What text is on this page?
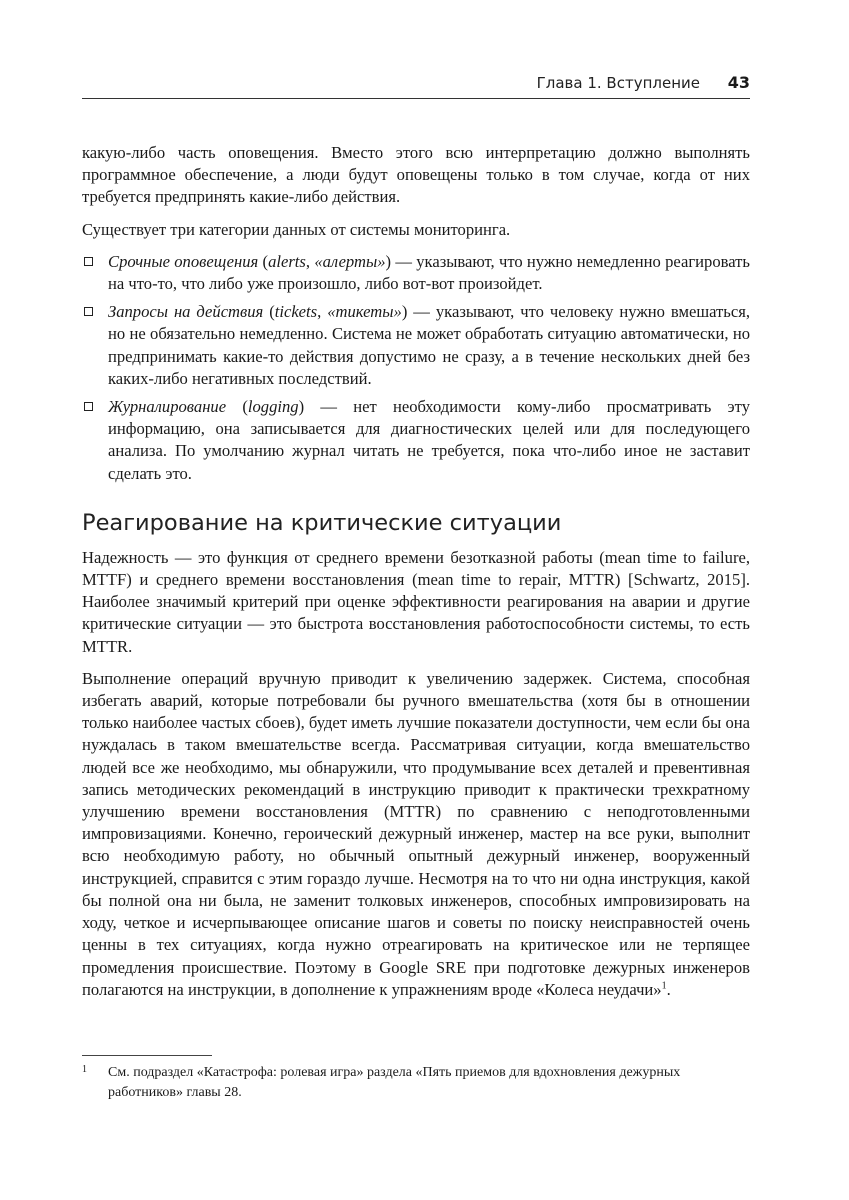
Глава 1. Вступление 43

какую-либо часть оповещения. Вместо этого всю интерпретацию должно выполнять программное обеспечение, а люди будут оповещены только в том случае, когда от них требуется предпринять какие-либо действия.

Существует три категории данных от системы мониторинга.

Срочные оповещения (alerts, «алерты») — указывают, что нужно немедленно реагировать на что-то, что либо уже произошло, либо вот-вот произойдет.
Запросы на действия (tickets, «тикеты») — указывают, что человеку нужно вмешаться, но не обязательно немедленно. Система не может обработать ситуацию автоматически, но предпринимать какие-то действия допустимо не сразу, а в течение нескольких дней без каких-либо негативных последствий.
Журналирование (logging) — нет необходимости кому-либо просматривать эту информацию, она записывается для диагностических целей или для последующего анализа. По умолчанию журнал читать не требуется, пока что-либо иное не заставит сделать это.
Реагирование на критические ситуации

Надежность — это функция от среднего времени безотказной работы (mean time to failure, MTTF) и среднего времени восстановления (mean time to repair, MTTR) [Schwartz, 2015]. Наиболее значимый критерий при оценке эффективности реагирования на аварии и другие критические ситуации — это быстрота восстановления работоспособности системы, то есть MTTR.

Выполнение операций вручную приводит к увеличению задержек. Система, способная избегать аварий, которые потребовали бы ручного вмешательства (хотя бы в отношении только наиболее частых сбоев), будет иметь лучшие показатели доступности, чем если бы она нуждалась в таком вмешательстве всегда. Рассматривая ситуации, когда вмешательство людей все же необходимо, мы обнаружили, что продумывание всех деталей и превентивная запись методических рекомендаций в инструкцию приводит к практически трехкратному улучшению времени восстановления (MTTR) по сравнению с неподготовленными импровизациями. Конечно, героический дежурный инженер, мастер на все руки, выполнит всю необходимую работу, но обычный опытный дежурный инженер, вооруженный инструкцией, справится с этим гораздо лучше. Несмотря на то что ни одна инструкция, какой бы полной она ни была, не заменит толковых инженеров, способных импровизировать на ходу, четкое и исчерпывающее описание шагов и советы по поиску неисправностей очень ценны в тех ситуациях, когда нужно отреагировать на критическое или не терпящее промедления происшествие. Поэтому в Google SRE при подготовке дежурных инженеров полагаются на инструкции, в дополнение к упражнениям вроде «Колеса неудачи»$^1$.

1	См. подраздел «Катастрофа: ролевая игра» раздела «Пять приемов для вдохновления дежурных работников» главы 28.
